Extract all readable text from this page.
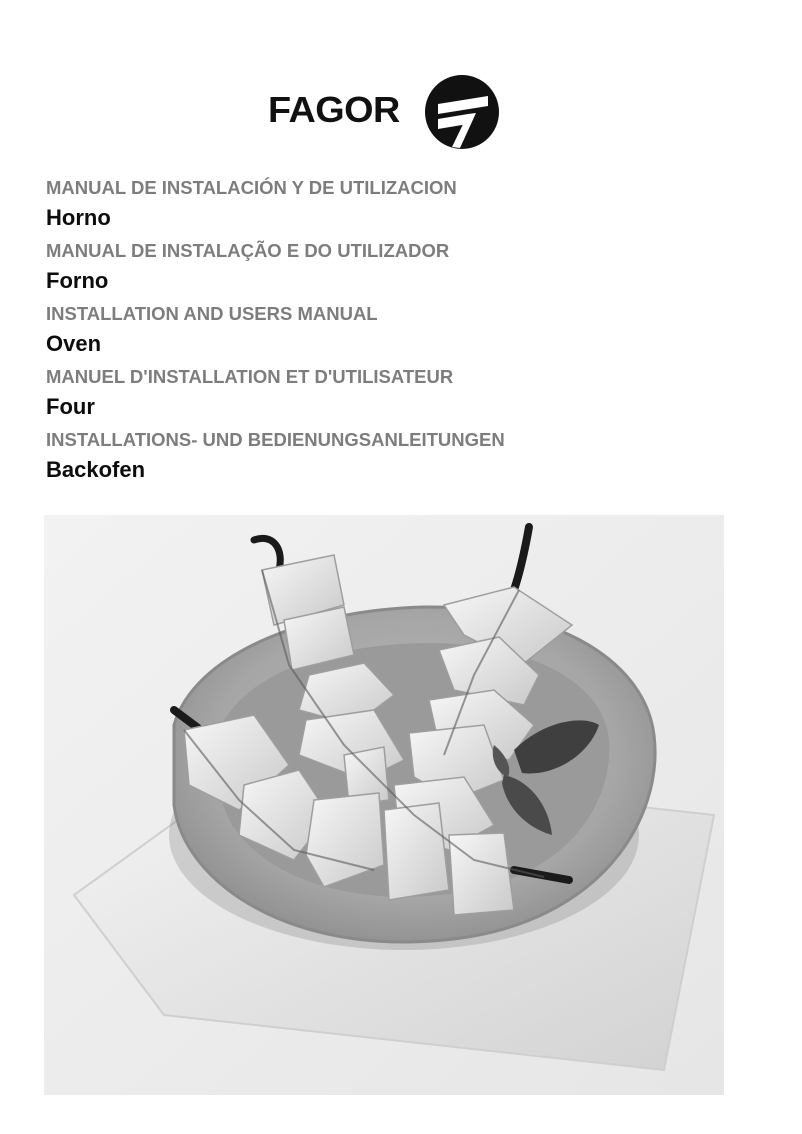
FAGOR
MANUAL DE INSTALACIÓN Y DE UTILIZACION
Horno
MANUAL DE INSTALAÇÃO E DO UTILIZADOR
Forno
INSTALLATION AND USERS MANUAL
Oven
MANUEL D'INSTALLATION ET D'UTILISATEUR
Four
INSTALLATIONS- UND BEDIENUNGSANLEITUNGEN
Backofen
